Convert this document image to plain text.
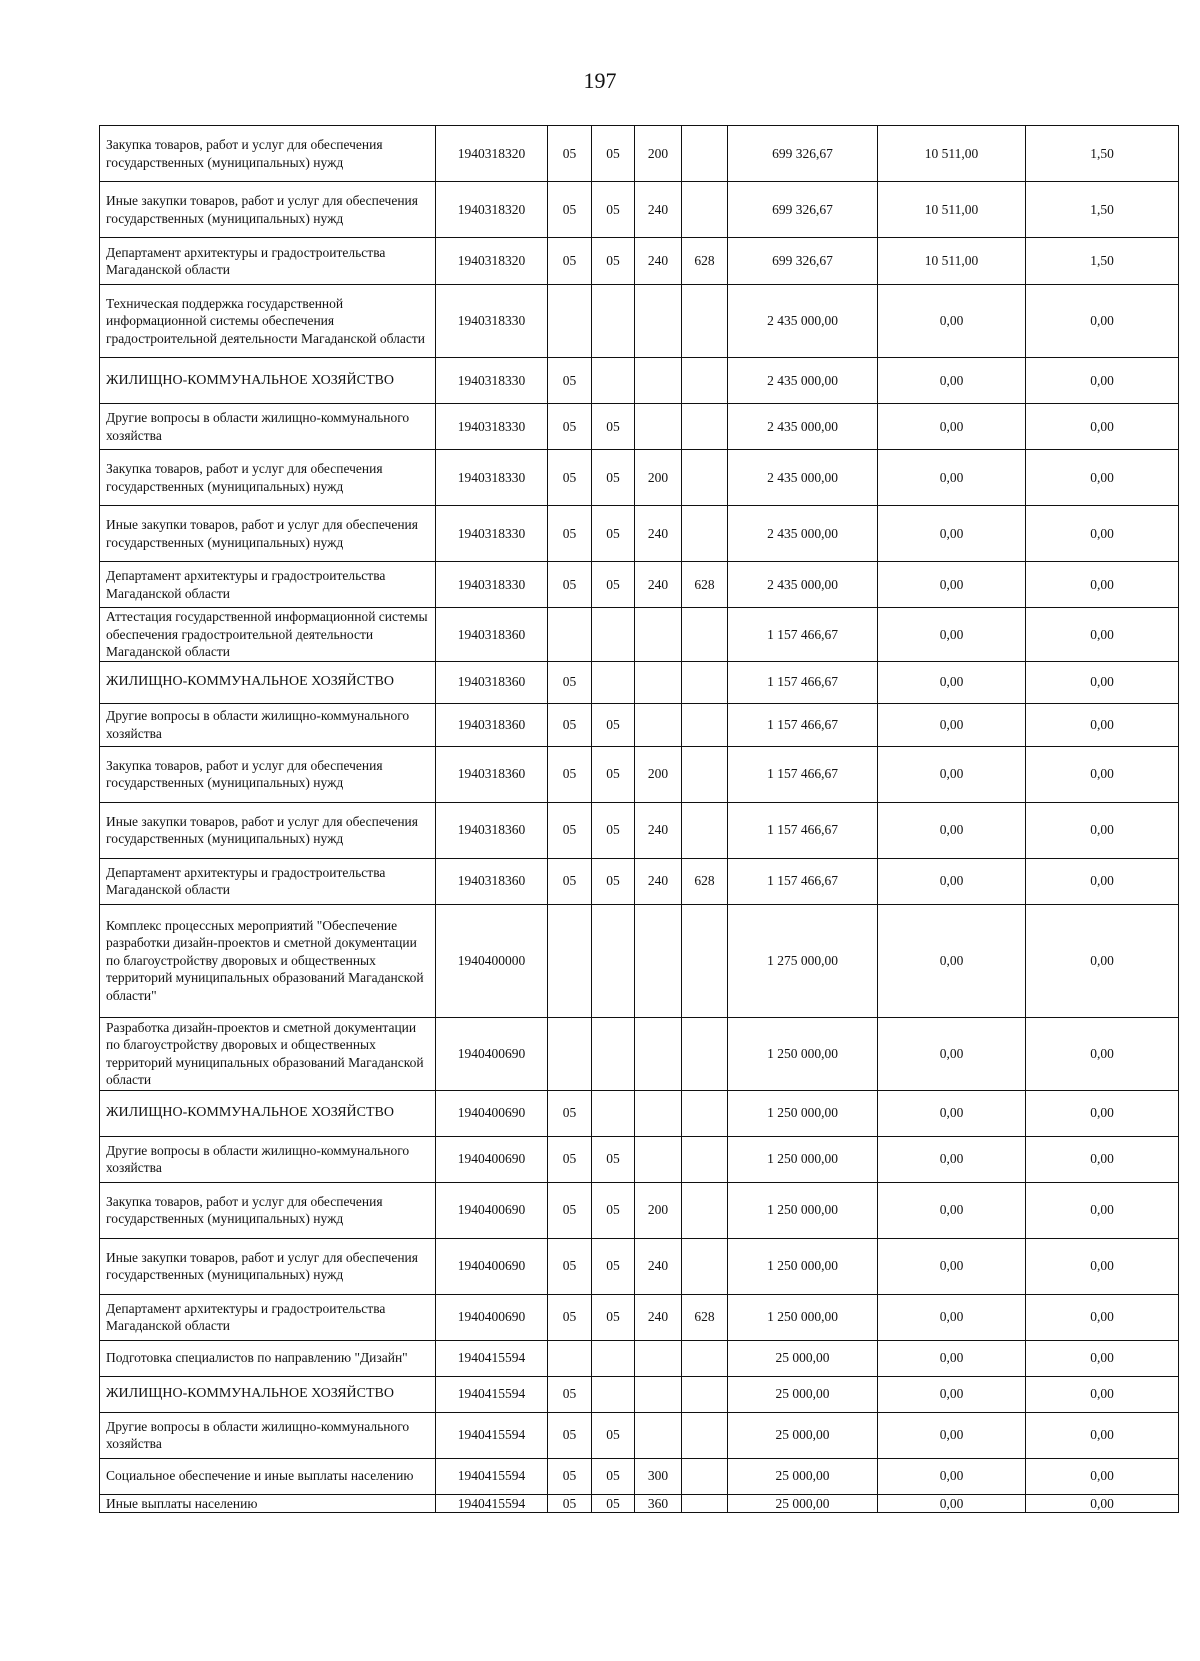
197
Закупка товаров, работ и услуг для обеспечения государственных (муниципальных) нужд	1940318320	05	05	200		699 326,67	10 511,00	1,50
Иные закупки товаров, работ и услуг для обеспечения государственных (муниципальных) нужд	1940318320	05	05	240		699 326,67	10 511,00	1,50
Департамент архитектуры и градостроительства Магаданской области	1940318320	05	05	240	628	699 326,67	10 511,00	1,50
Техническая поддержка государственной информационной системы обеспечения градостроительной деятельности Магаданской области	1940318330					2 435 000,00	0,00	0,00
ЖИЛИЩНО-КОММУНАЛЬНОЕ ХОЗЯЙСТВО	1940318330	05				2 435 000,00	0,00	0,00
Другие вопросы в области жилищно-коммунального хозяйства	1940318330	05	05			2 435 000,00	0,00	0,00
Закупка товаров, работ и услуг для обеспечения государственных (муниципальных) нужд	1940318330	05	05	200		2 435 000,00	0,00	0,00
Иные закупки товаров, работ и услуг для обеспечения государственных (муниципальных) нужд	1940318330	05	05	240		2 435 000,00	0,00	0,00
Департамент архитектуры и градостроительства Магаданской области	1940318330	05	05	240	628	2 435 000,00	0,00	0,00
Аттестация государственной информационной системы обеспечения градостроительной деятельности Магаданской области	1940318360					1 157 466,67	0,00	0,00
ЖИЛИЩНО-КОММУНАЛЬНОЕ ХОЗЯЙСТВО	1940318360	05				1 157 466,67	0,00	0,00
Другие вопросы в области жилищно-коммунального хозяйства	1940318360	05	05			1 157 466,67	0,00	0,00
Закупка товаров, работ и услуг для обеспечения государственных (муниципальных) нужд	1940318360	05	05	200		1 157 466,67	0,00	0,00
Иные закупки товаров, работ и услуг для обеспечения государственных (муниципальных) нужд	1940318360	05	05	240		1 157 466,67	0,00	0,00
Департамент архитектуры и градостроительства Магаданской области	1940318360	05	05	240	628	1 157 466,67	0,00	0,00
Комплекс процессных мероприятий "Обеспечение разработки дизайн-проектов и сметной документации по благоустройству дворовых и общественных территорий муниципальных образований Магаданской области"	1940400000					1 275 000,00	0,00	0,00
Разработка дизайн-проектов и сметной документации по благоустройству дворовых и общественных территорий муниципальных образований Магаданской области	1940400690					1 250 000,00	0,00	0,00
ЖИЛИЩНО-КОММУНАЛЬНОЕ ХОЗЯЙСТВО	1940400690	05				1 250 000,00	0,00	0,00
Другие вопросы в области жилищно-коммунального хозяйства	1940400690	05	05			1 250 000,00	0,00	0,00
Закупка товаров, работ и услуг для обеспечения государственных (муниципальных) нужд	1940400690	05	05	200		1 250 000,00	0,00	0,00
Иные закупки товаров, работ и услуг для обеспечения государственных (муниципальных) нужд	1940400690	05	05	240		1 250 000,00	0,00	0,00
Департамент архитектуры и градостроительства Магаданской области	1940400690	05	05	240	628	1 250 000,00	0,00	0,00
Подготовка специалистов по направлению "Дизайн"	1940415594					25 000,00	0,00	0,00
ЖИЛИЩНО-КОММУНАЛЬНОЕ ХОЗЯЙСТВО	1940415594	05				25 000,00	0,00	0,00
Другие вопросы в области жилищно-коммунального хозяйства	1940415594	05	05			25 000,00	0,00	0,00
Социальное обеспечение и иные выплаты населению	1940415594	05	05	300		25 000,00	0,00	0,00
Иные выплаты населению	1940415594	05	05	360		25 000,00	0,00	0,00
